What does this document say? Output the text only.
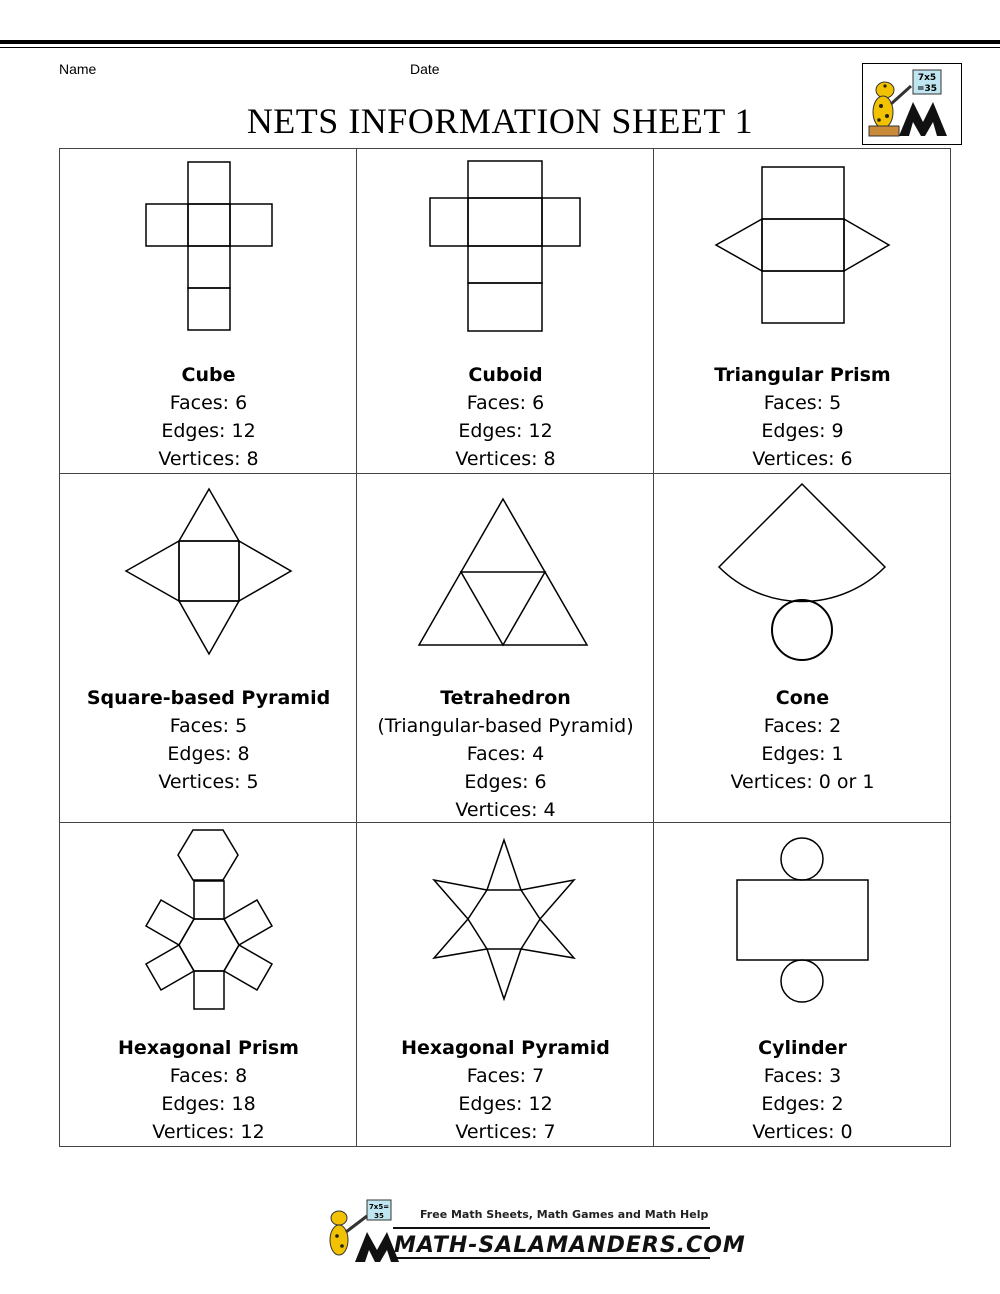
Name	Date
NETS INFORMATION SHEET 1
7x5
=35
Cube
Faces: 6
Edges: 12
Vertices: 8
Cuboid
Faces: 6
Edges: 12
Vertices: 8
Triangular Prism
Faces: 5
Edges: 9
Vertices: 6
Square-based Pyramid
Faces: 5
Edges: 8
Vertices: 5
Tetrahedron
(Triangular-based Pyramid)
Faces: 4
Edges: 6
Vertices: 4
Cone
Faces: 2
Edges: 1
Vertices: 0 or 1
Hexagonal Prism
Faces: 8
Edges: 18
Vertices: 12
Hexagonal Pyramid
Faces: 7
Edges: 12
Vertices: 7
Cylinder
Faces: 3
Edges: 2
Vertices: 0
7x5=
35	Free Math Sheets, Math Games and Math Help
MATH-SALAMANDERS.COM
